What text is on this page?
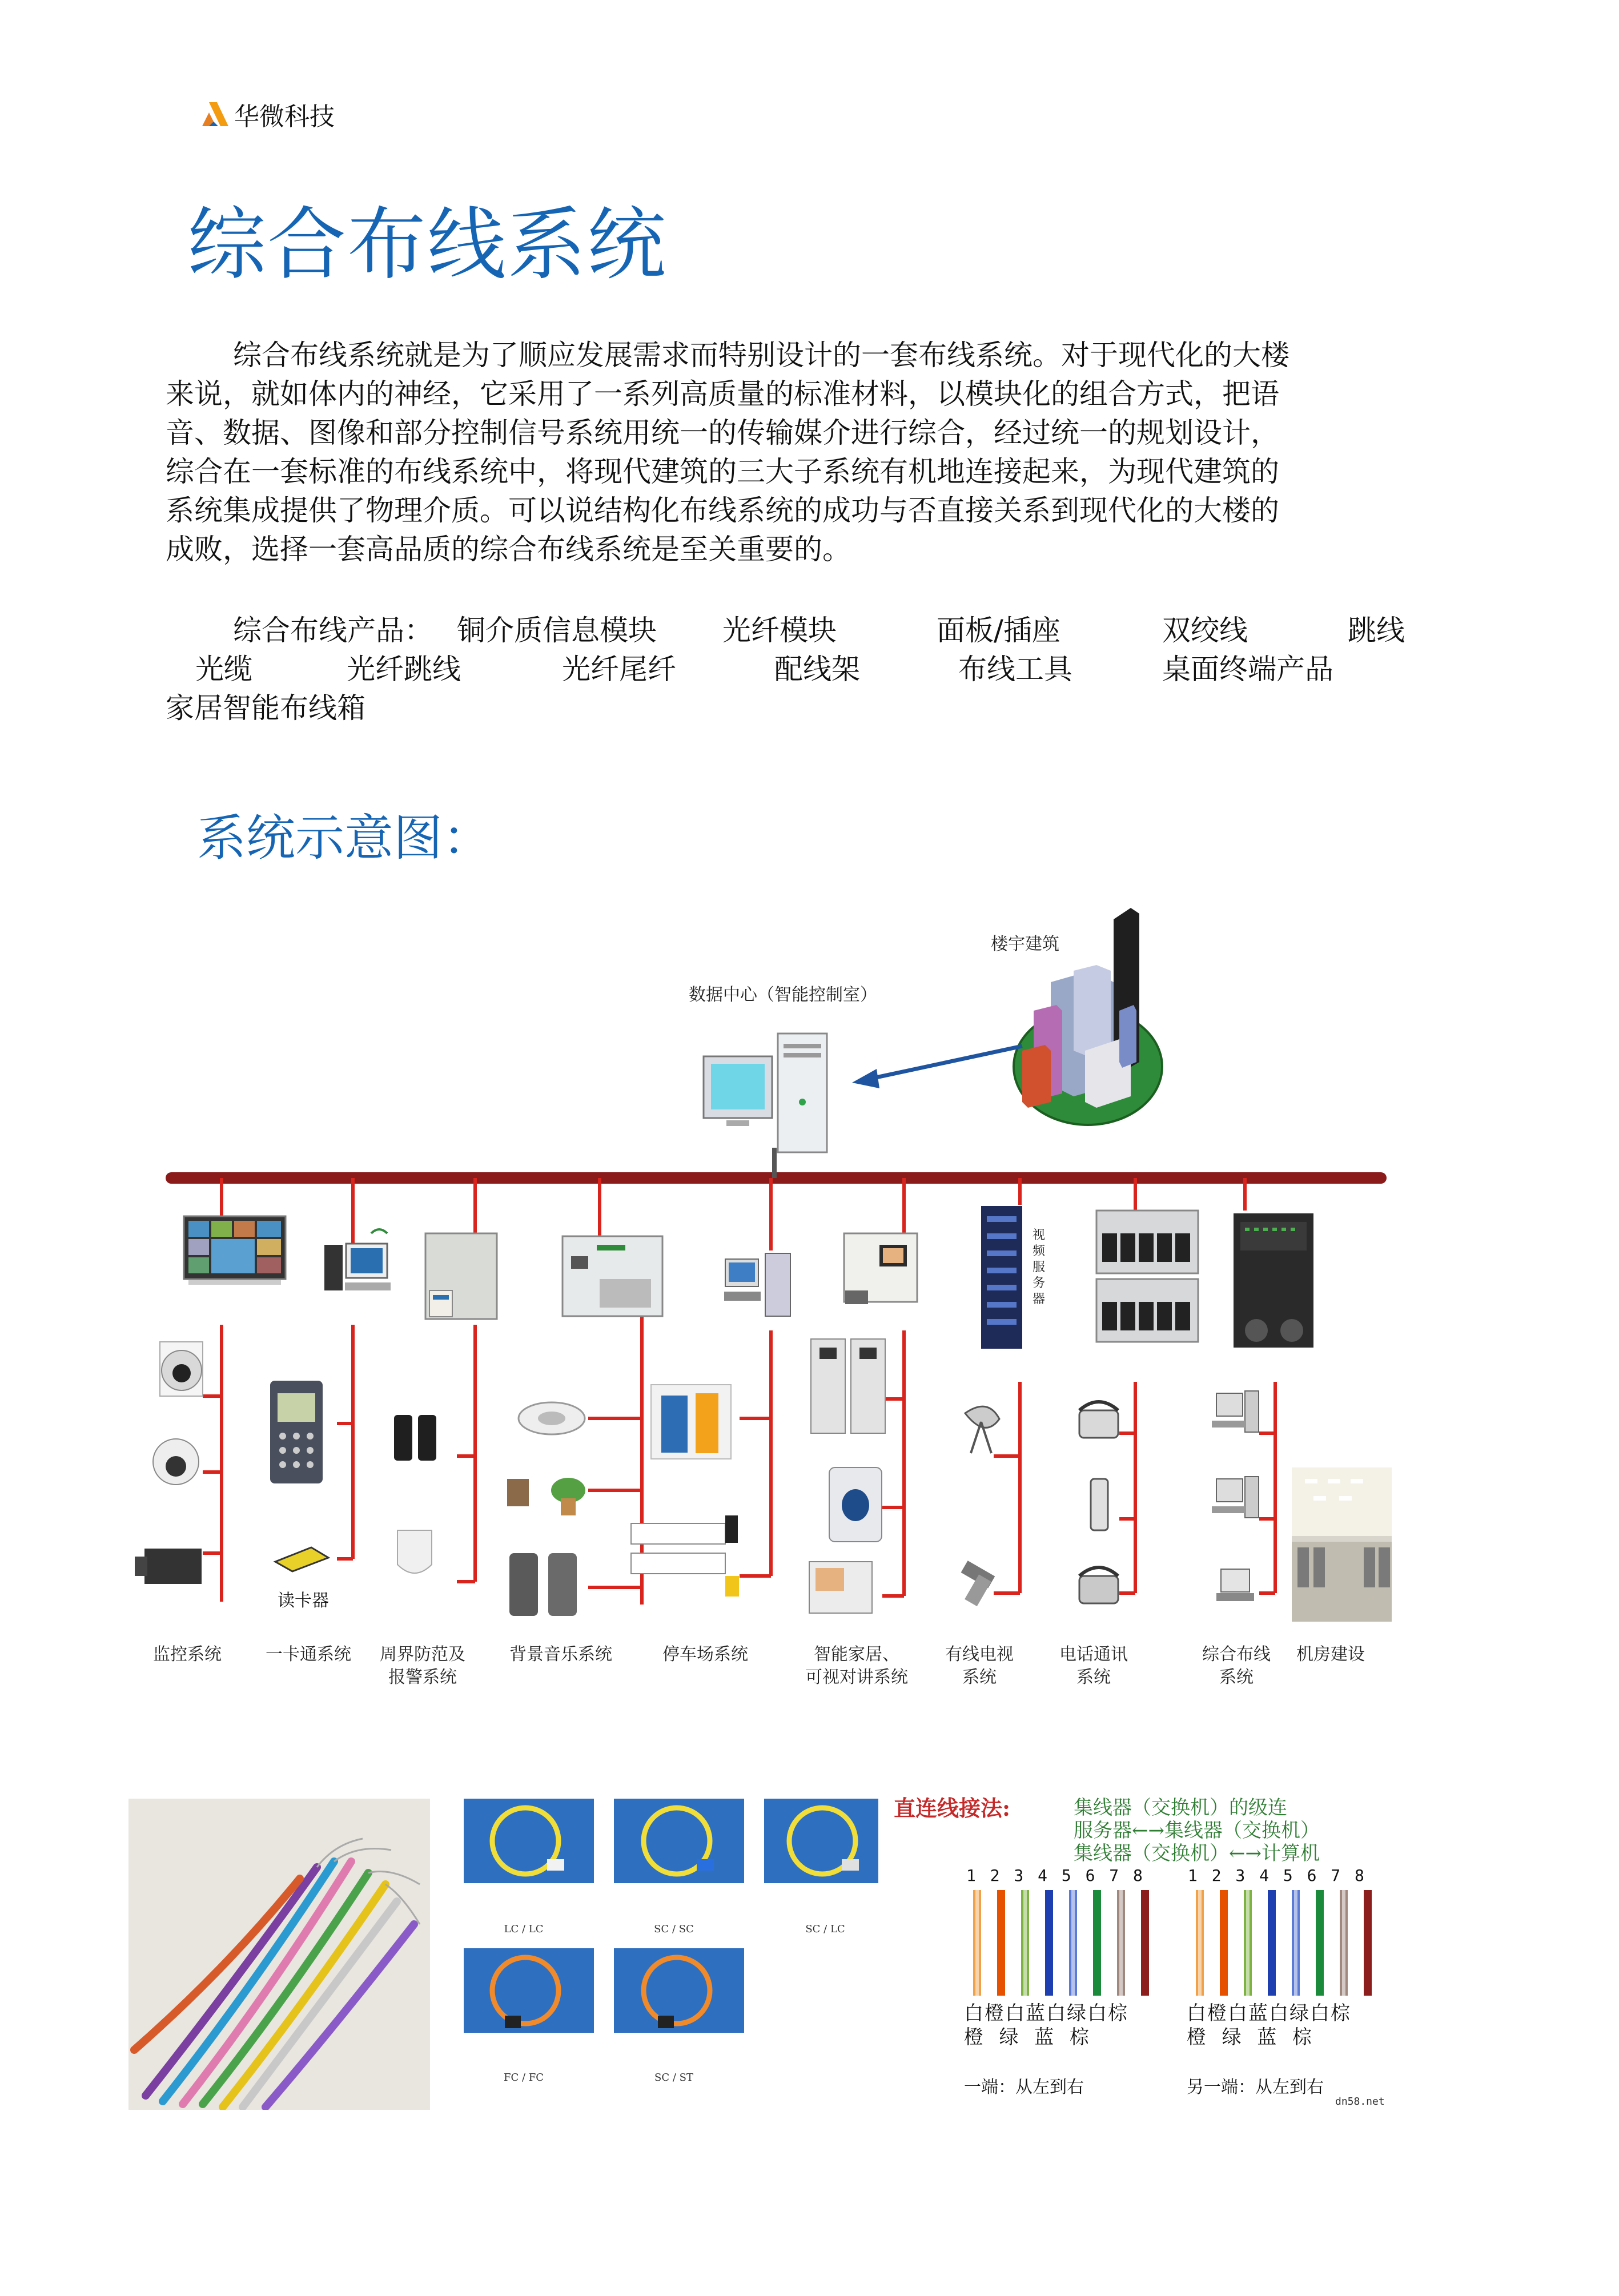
华微科技
综合布线系统
综合布线系统就是为了顺应发展需求而特别设计的一套布线系统。对于现代化的大楼
来说，就如体内的神经，它采用了一系列高质量的标准材料，以模块化的组合方式，把语
音、数据、图像和部分控制信号系统用统一的传输媒介进行综合，经过统一的规划设计，
综合在一套标准的布线系统中，将现代建筑的三大子系统有机地连接起来，为现代建筑的
系统集成提供了物理介质。可以说结构化布线系统的成功与否直接关系到现代化的大楼的
成败，选择一套高品质的综合布线系统是至关重要的。
综合布线产品： 铜介质信息模块 光纤模块	面板/插座	双绞线	跳线
光缆	光纤跳线	光纤尾纤	配线架	布线工具	桌面终端产品
家居智能布线箱
系统示意图：
楼宇建筑
数据中心（智能控制室）
读卡器
视频服务器
监控系统	一卡通系统	周界防范及
报警系统
背景音乐系统	停车场系统	智能家居、
可视对讲系统
有线电视
系统
电话通讯
系统
综合布线
系统
机房建设
LC / LC	SC / SC	SC / LC
FC / FC	SC / ST
直连线接法:	集线器（交换机）的级连
服务器←→集线器（交换机）
集线器（交换机）←→计算机
1 2 3 4 5 6 7 8	1 2 3 4 5 6 7 8
白橙白蓝白绿白棕	白橙白蓝白绿白棕
橙  绿  蓝  棕	橙  绿  蓝  棕
一端：从左到右	另一端：从左到右
dn58.net
